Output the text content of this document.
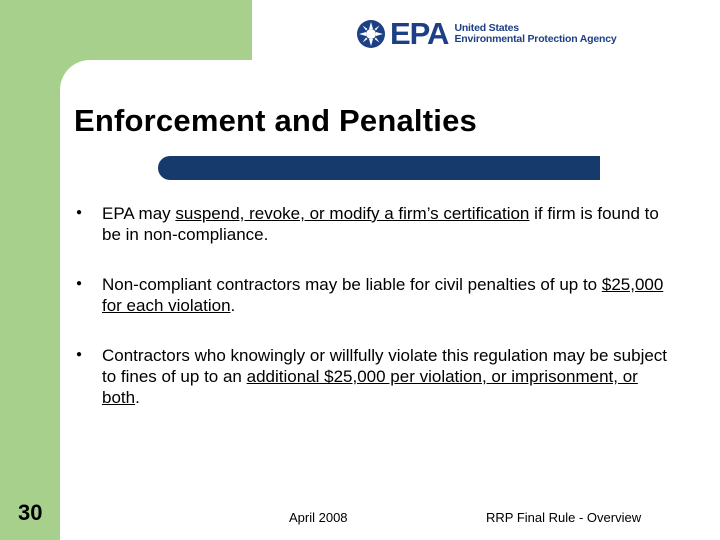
EPA United States
Environmental Protection Agency
Enforcement and Penalties
● EPA may suspend, revoke, or modify a firm’s certification if firm is found to be in non-compliance.
● Non-compliant contractors may be liable for civil penalties of up to $25,000 for each violation.
● Contractors who knowingly or willfully violate this regulation may be subject to fines of up to an additional $25,000 per violation, or imprisonment, or both.
30	April 2008	RRP Final Rule - Overview
